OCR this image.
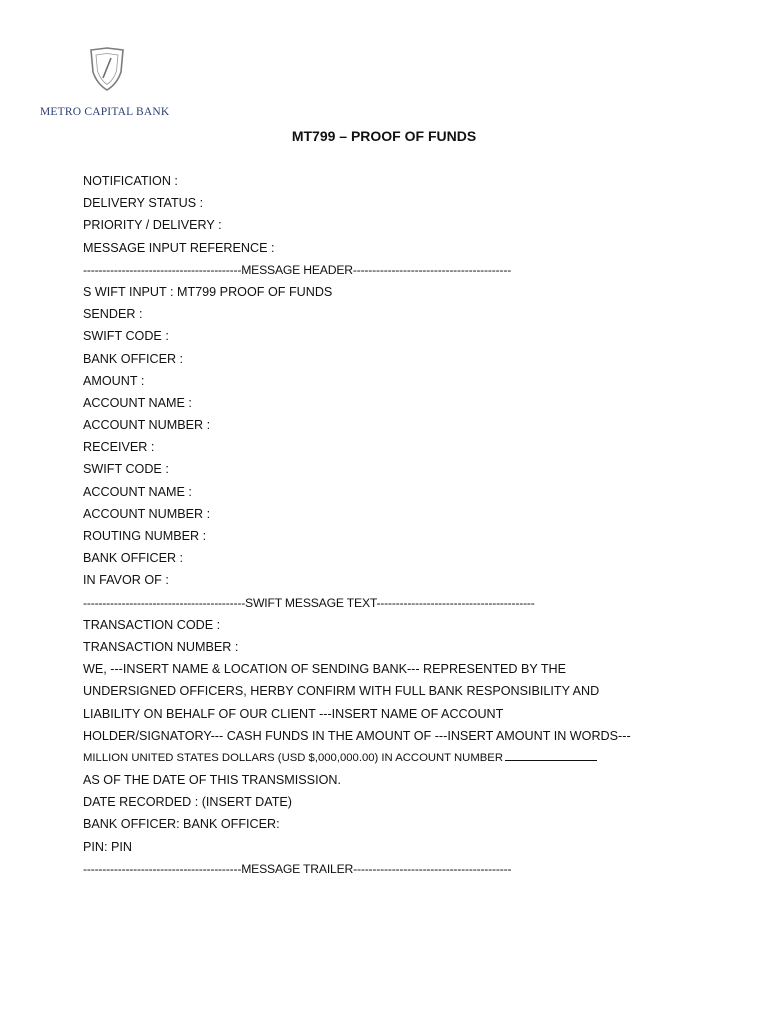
METRO CAPITAL BANK
MT799 – PROOF OF FUNDS
NOTIFICATION :
DELIVERY STATUS :
PRIORITY / DELIVERY :
MESSAGE INPUT REFERENCE :
-----------------------------------------MESSAGE HEADER-----------------------------------------
S WIFT INPUT : MT799 PROOF OF FUNDS
SENDER :
SWIFT CODE :
BANK OFFICER :
AMOUNT :
ACCOUNT NAME :
ACCOUNT NUMBER :
RECEIVER :
SWIFT CODE :
ACCOUNT NAME :
ACCOUNT NUMBER :
ROUTING NUMBER :
BANK OFFICER :
IN FAVOR OF :
------------------------------------------SWIFT MESSAGE TEXT-----------------------------------------
TRANSACTION CODE :
TRANSACTION NUMBER :
WE, ---INSERT NAME & LOCATION OF SENDING BANK--- REPRESENTED BY THE
UNDERSIGNED OFFICERS, HERBY CONFIRM WITH FULL BANK RESPONSIBILITY AND
LIABILITY ON BEHALF OF OUR CLIENT ---INSERT NAME OF ACCOUNT
HOLDER/SIGNATORY--- CASH FUNDS IN THE AMOUNT OF ---INSERT AMOUNT IN WORDS---
MILLION UNITED STATES DOLLARS (USD $,000,000.00) IN ACCOUNT NUMBER
AS OF THE DATE OF THIS TRANSMISSION.
DATE RECORDED : (INSERT DATE)
BANK OFFICER: BANK OFFICER:
PIN: PIN
-----------------------------------------MESSAGE TRAILER-----------------------------------------
